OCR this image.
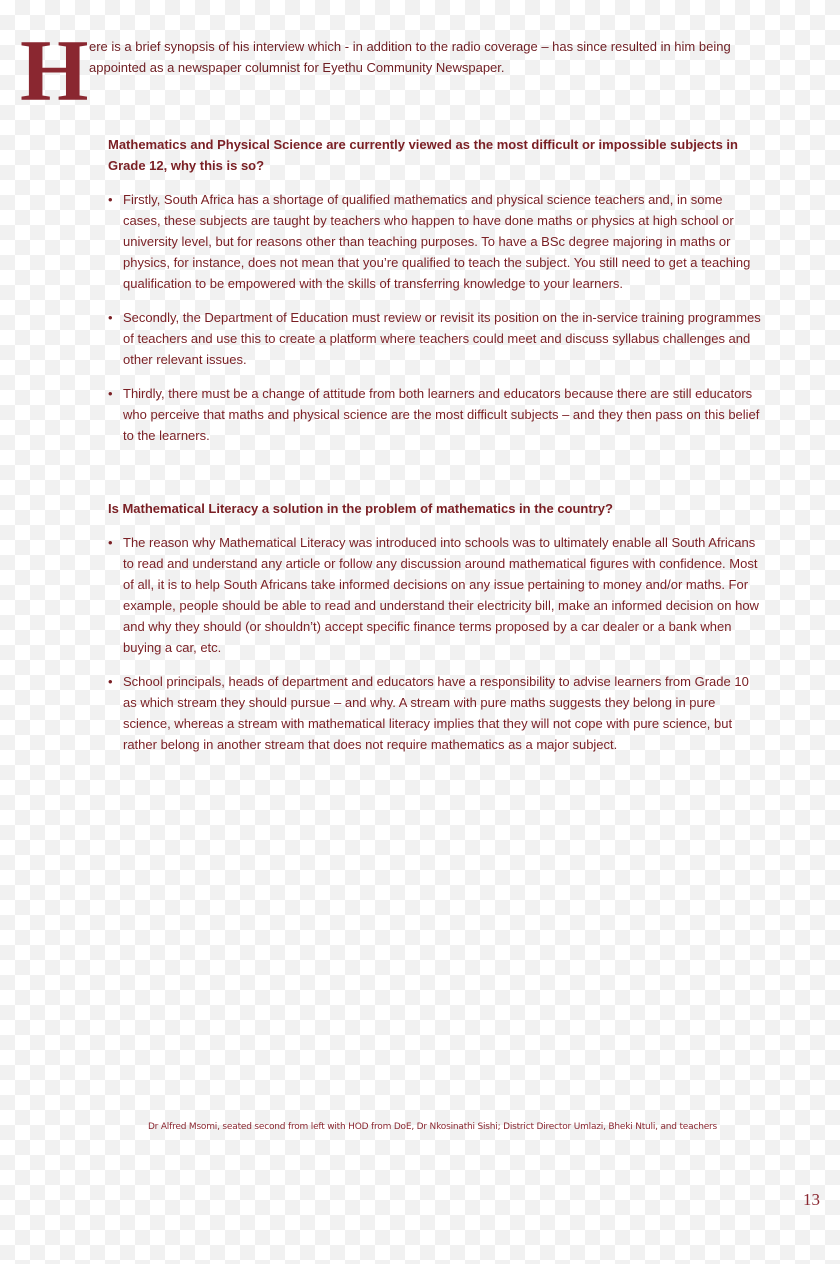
H ere is a brief synopsis of his interview which - in addition to the radio coverage – has since resulted in him being appointed as a newspaper columnist for Eyethu Community Newspaper.

Mathematics and Physical Science are currently viewed as the most difficult or impossible subjects in Grade 12, why this is so?

• Firstly, South Africa has a shortage of qualified mathematics and physical science teachers and, in some cases, these subjects are taught by teachers who happen to have done maths or physics at high school or university level, but for reasons other than teaching purposes. To have a BSc degree majoring in maths or physics, for instance, does not mean that you’re qualified to teach the subject. You still need to get a teaching qualification to be empowered with the skills of transferring knowledge to your learners.
• Secondly, the Department of Education must review or revisit its position on the in-service training programmes of teachers and use this to create a platform where teachers could meet and discuss syllabus challenges and other relevant issues.
• Thirdly, there must be a change of attitude from both learners and educators because there are still educators who perceive that maths and physical science are the most difficult subjects – and they then pass on this belief to the learners.

Is Mathematical Literacy a solution in the problem of mathematics in the country?

• The reason why Mathematical Literacy was introduced into schools was to ultimately enable all South Africans to read and understand any article or follow any discussion around mathematical figures with confidence. Most of all, it is to help South Africans take informed decisions on any issue pertaining to money and/or maths. For example, people should be able to read and understand their electricity bill, make an informed decision on how and why they should (or shouldn’t) accept specific finance terms proposed by a car dealer or a bank when buying a car, etc.
• School principals, heads of department and educators have a responsibility to advise learners from Grade 10 as which stream they should pursue – and why. A stream with pure maths suggests they belong in pure science, whereas a stream with mathematical literacy implies that they will not cope with pure science, but rather belong in another stream that does not require mathematics as a major subject.
Dr Alfred Msomi, seated second from left with HOD from DoE, Dr Nkosinathi Sishi; District Director Umlazi, Bheki Ntuli, and teachers
13
